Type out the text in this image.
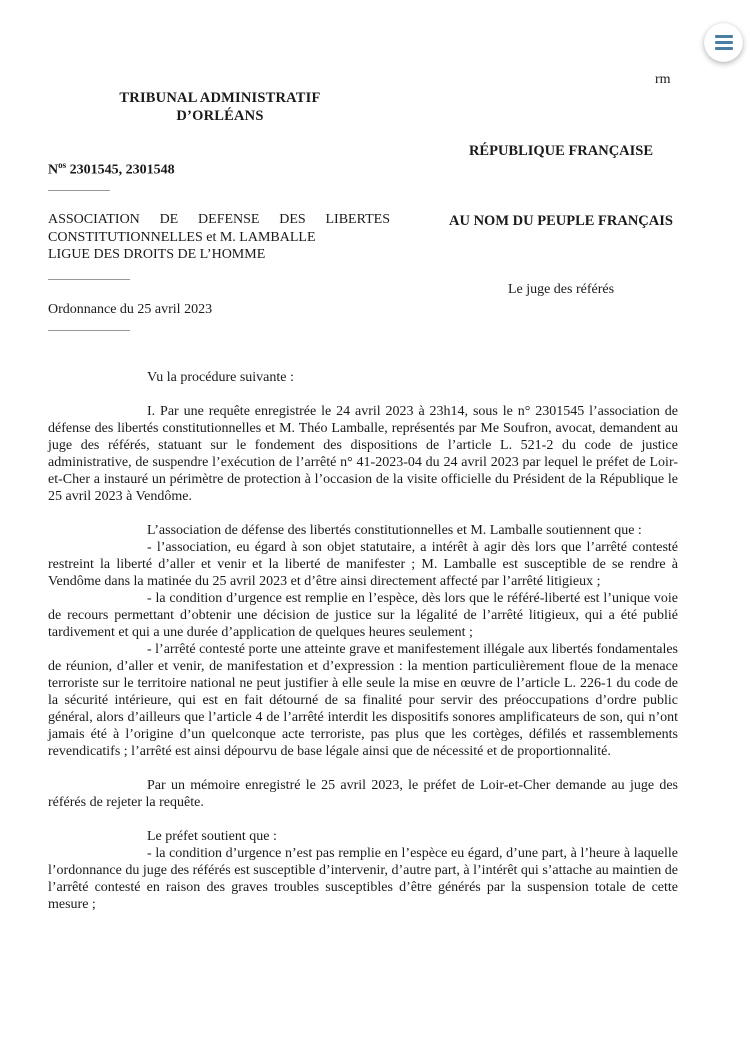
rm
TRIBUNAL ADMINISTRATIF
D’ORLÉANS
RÉPUBLIQUE FRANÇAISE
$N^{os}$ 2301545, 2301548
ASSOCIATION DE DEFENSE DES LIBERTES CONSTITUTIONNELLES et M. LAMBALLE
LIGUE DES DROITS DE L’HOMME
AU NOM DU PEUPLE FRANÇAIS
Le juge des référés
Ordonnance du 25 avril 2023

Vu la procédure suivante :

I. Par une requête enregistrée le 24 avril 2023 à 23h14, sous le n° 2301545 l’association de défense des libertés constitutionnelles et M. Théo Lamballe, représentés par Me Soufron, avocat, demandent au juge des référés, statuant sur le fondement des dispositions de l’article L. 521-2 du code de justice administrative, de suspendre l’exécution de l’arrêté n° 41-2023-04 du 24 avril 2023 par lequel le préfet de Loir-et-Cher a instauré un périmètre de protection à l’occasion de la visite officielle du Président de la République le 25 avril 2023 à Vendôme.

L’association de défense des libertés constitutionnelles et M. Lamballe soutiennent que :

- l’association, eu égard à son objet statutaire, a intérêt à agir dès lors que l’arrêté contesté restreint la liberté d’aller et venir et la liberté de manifester ; M. Lamballe est susceptible de se rendre à Vendôme dans la matinée du 25 avril 2023 et d’être ainsi directement affecté par l’arrêté litigieux ;

- la condition d’urgence est remplie en l’espèce, dès lors que le référé-liberté est l’unique voie de recours permettant d’obtenir une décision de justice sur la légalité de l’arrêté litigieux, qui a été publié tardivement et qui a une durée d’application de quelques heures seulement ;

- l’arrêté contesté porte une atteinte grave et manifestement illégale aux libertés fondamentales de réunion, d’aller et venir, de manifestation et d’expression : la mention particulièrement floue de la menace terroriste sur le territoire national ne peut justifier à elle seule la mise en œuvre de l’article L. 226-1 du code de la sécurité intérieure, qui est en fait détourné de sa finalité pour servir des préoccupations d’ordre public général, alors d’ailleurs que l’article 4 de l’arrêté interdit les dispositifs sonores amplificateurs de son, qui n’ont jamais été à l’origine d’un quelconque acte terroriste, pas plus que les cortèges, défilés et rassemblements revendicatifs ; l’arrêté est ainsi dépourvu de base légale ainsi que de nécessité et de proportionnalité.

Par un mémoire enregistré le 25 avril 2023, le préfet de Loir-et-Cher demande au juge des référés de rejeter la requête.

Le préfet soutient que :

- la condition d’urgence n’est pas remplie en l’espèce eu égard, d’une part, à l’heure à laquelle l’ordonnance du juge des référés est susceptible d’intervenir, d’autre part, à l’intérêt qui s’attache au maintien de l’arrêté contesté en raison des graves troubles susceptibles d’être générés par la suspension totale de cette mesure ;
